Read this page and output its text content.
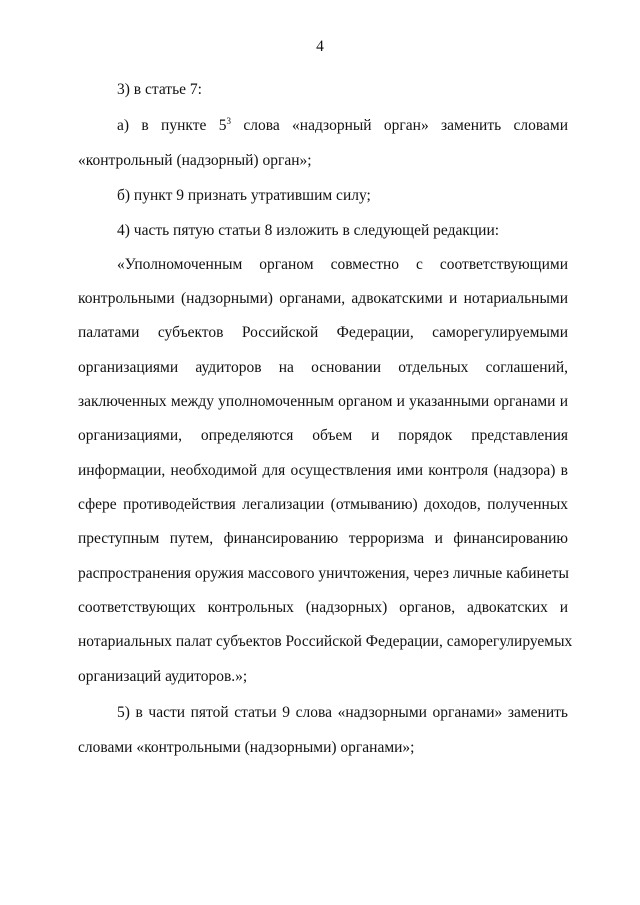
4
3) в статье 7:
а) в пункте $5^3$ слова «надзорный орган» заменить словами
«контрольный (надзорный) орган»;
б) пункт 9 признать утратившим силу;
4) часть пятую статьи 8 изложить в следующей редакции:
«Уполномоченным органом совместно с соответствующими
контрольными (надзорными) органами, адвокатскими и нотариальными
палатами субъектов Российской Федерации, саморегулируемыми
организациями аудиторов на основании отдельных соглашений,
заключенных между уполномоченным органом и указанными органами и
организациями, определяются объем и порядок представления
информации, необходимой для осуществления ими контроля (надзора) в
сфере противодействия легализации (отмыванию) доходов, полученных
преступным путем, финансированию терроризма и финансированию
распространения оружия массового уничтожения, через личные кабинеты
соответствующих контрольных (надзорных) органов, адвокатских и
нотариальных палат субъектов Российской Федерации, саморегулируемых
организаций аудиторов.»;
5) в части пятой статьи 9 слова «надзорными органами» заменить
словами «контрольными (надзорными) органами»;
